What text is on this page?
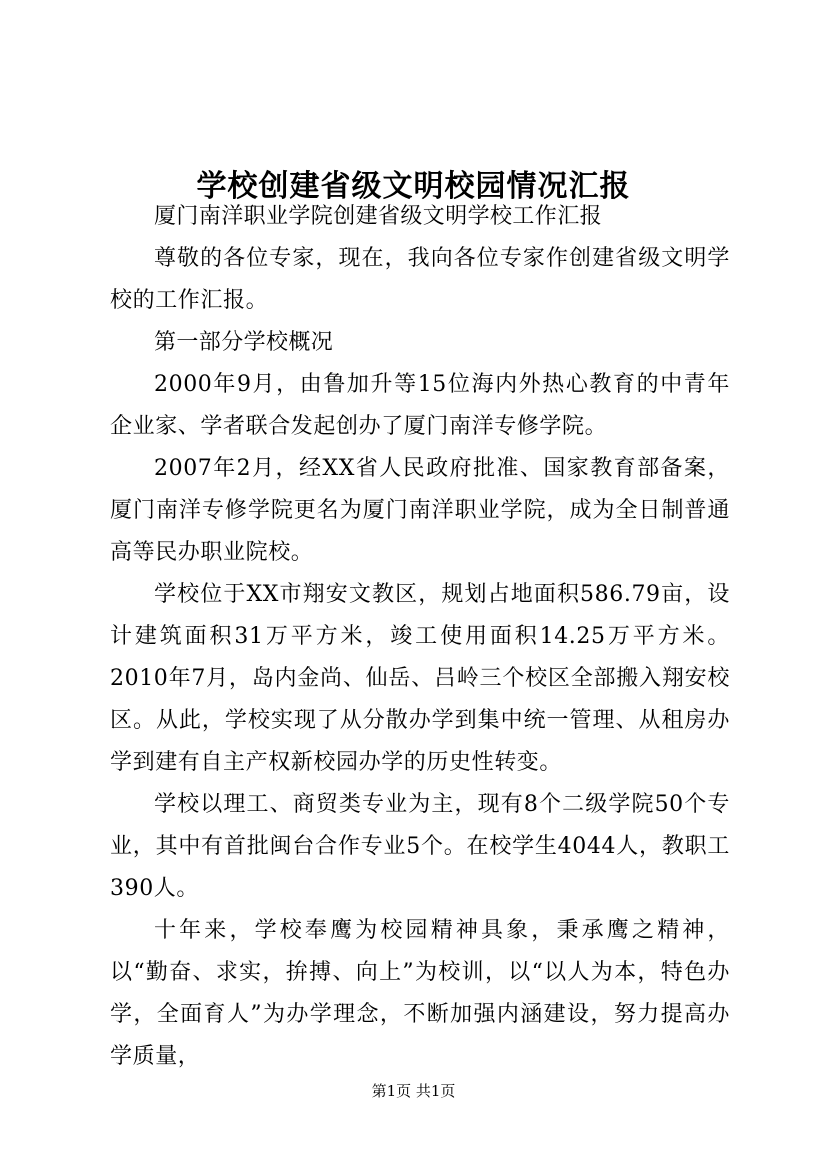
学校创建省级文明校园情况汇报

厦门南洋职业学院创建省级文明学校工作汇报

尊敬的各位专家，现在，我向各位专家作创建省级文明学校的工作汇报。

第一部分学校概况

2000年9月，由鲁加升等15位海内外热心教育的中青年企业家、学者联合发起创办了厦门南洋专修学院。

2007年2月，经XX省人民政府批准、国家教育部备案，厦门南洋专修学院更名为厦门南洋职业学院，成为全日制普通高等民办职业院校。

学校位于XX市翔安文教区，规划占地面积586.79亩，设计建筑面积31万平方米，竣工使用面积14.25万平方米。2010年7月，岛内金尚、仙岳、吕岭三个校区全部搬入翔安校区。从此，学校实现了从分散办学到集中统一管理、从租房办学到建有自主产权新校园办学的历史性转变。

学校以理工、商贸类专业为主，现有8个二级学院50个专业，其中有首批闽台合作专业5个。在校学生4044人，教职工390人。

十年来，学校奉鹰为校园精神具象，秉承鹰之精神，以“勤奋、求实，拚搏、向上”为校训，以“以人为本，特色办学，全面育人”为办学理念，不断加强内涵建设，努力提高办学质量，

第1页 共1页
